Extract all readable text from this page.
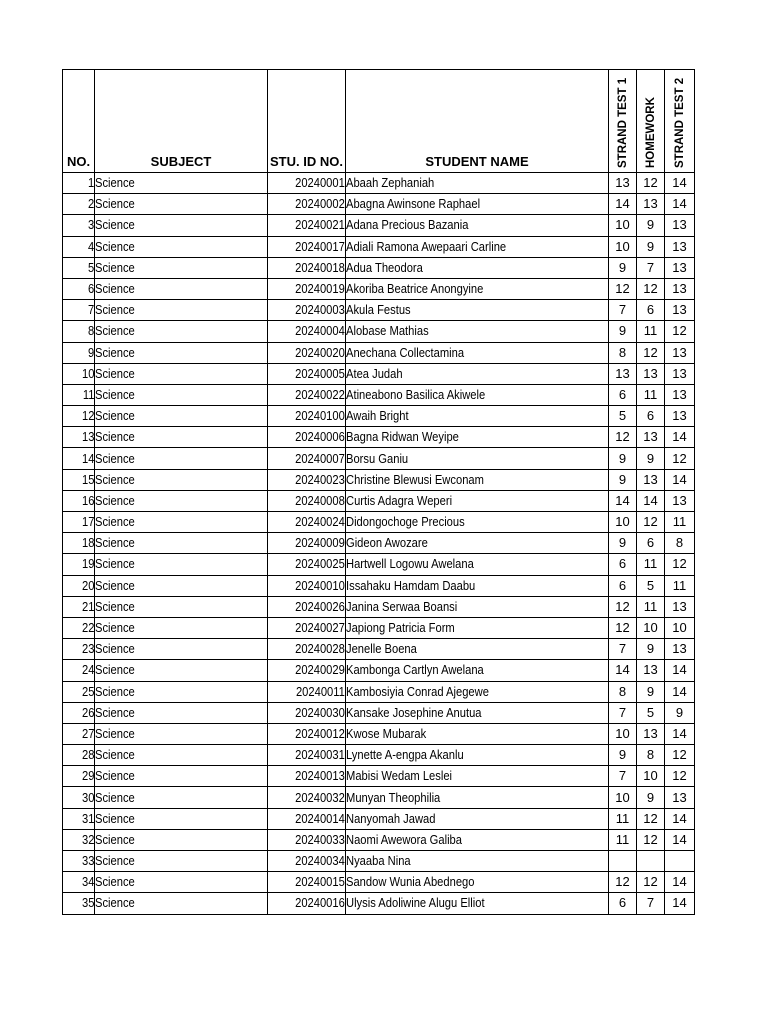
NO.	SUBJECT	STU. ID NO.	STUDENT NAME	STRAND TEST 1	HOMEWORK	STRAND TEST 2

1	Science	20240001	Abaah Zephaniah	13	12	14
2	Science	20240002	Abagna Awinsone Raphael	14	13	14
3	Science	20240021	Adana Precious Bazania	10	9	13
4	Science	20240017	Adiali Ramona Awepaari Carline	10	9	13
5	Science	20240018	Adua Theodora	9	7	13
6	Science	20240019	Akoriba Beatrice Anongyine	12	12	13
7	Science	20240003	Akula Festus	7	6	13
8	Science	20240004	Alobase Mathias	9	11	12
9	Science	20240020	Anechana Collectamina	8	12	13
10	Science	20240005	Atea Judah	13	13	13
11	Science	20240022	Atineabono Basilica Akiwele	6	11	13
12	Science	20240100	Awaih Bright	5	6	13
13	Science	20240006	Bagna Ridwan Weyipe	12	13	14
14	Science	20240007	Borsu Ganiu	9	9	12
15	Science	20240023	Christine Blewusi Ewconam	9	13	14
16	Science	20240008	Curtis Adagra Weperi	14	14	13
17	Science	20240024	Didongochoge Precious	10	12	11
18	Science	20240009	Gideon Awozare	9	6	8
19	Science	20240025	Hartwell Logowu Awelana	6	11	12
20	Science	20240010	Issahaku Hamdam Daabu	6	5	11
21	Science	20240026	Janina Serwaa Boansi	12	11	13
22	Science	20240027	Japiong Patricia Form	12	10	10
23	Science	20240028	Jenelle Boena	7	9	13
24	Science	20240029	Kambonga Cartlyn Awelana	14	13	14
25	Science	20240011	Kambosiyia Conrad Ajegewe	8	9	14
26	Science	20240030	Kansake Josephine Anutua	7	5	9
27	Science	20240012	Kwose Mubarak	10	13	14
28	Science	20240031	Lynette A-engpa Akanlu	9	8	12
29	Science	20240013	Mabisi Wedam Leslei	7	10	12
30	Science	20240032	Munyan Theophilia	10	9	13
31	Science	20240014	Nanyomah Jawad	11	12	14
32	Science	20240033	Naomi Awewora Galiba	11	12	14
33	Science	20240034	Nyaaba Nina			
34	Science	20240015	Sandow Wunia Abednego	12	12	14
35	Science	20240016	Ulysis Adoliwine Alugu Elliot	6	7	14
